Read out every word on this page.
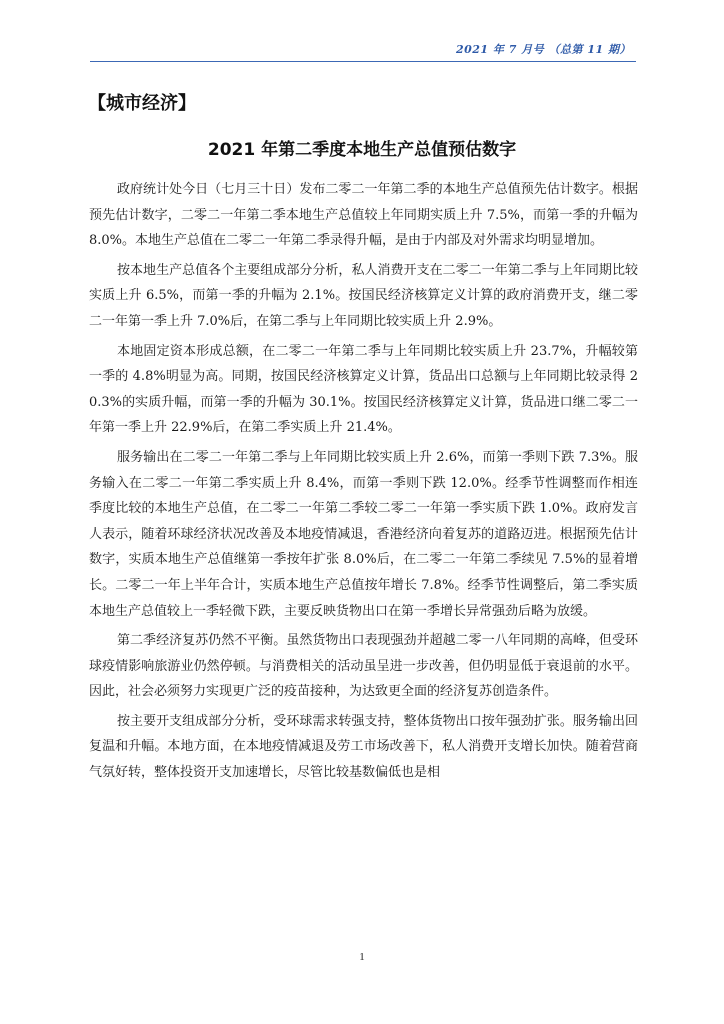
2021 年 7 月号 （总第 11 期）
【城市经济】
2021 年第二季度本地生产总值预估数字

政府统计处今日（七月三十日）发布二零二一年第二季的本地生产总值预先估计数字。根据预先估计数字，二零二一年第二季本地生产总值较上年同期实质上升 7.5%，而第一季的升幅为 8.0%。本地生产总值在二零二一年第二季录得升幅，是由于内部及对外需求均明显增加。

按本地生产总值各个主要组成部分分析，私人消费开支在二零二一年第二季与上年同期比较实质上升 6.5%，而第一季的升幅为 2.1%。按国民经济核算定义计算的政府消费开支，继二零二一年第一季上升 7.0%后，在第二季与上年同期比较实质上升 2.9%。

本地固定资本形成总额，在二零二一年第二季与上年同期比较实质上升 23.7%，升幅较第一季的 4.8%明显为高。同期，按国民经济核算定义计算，货品出口总额与上年同期比较录得 20.3%的实质升幅，而第一季的升幅为 30.1%。按国民经济核算定义计算，货品进口继二零二一年第一季上升 22.9%后，在第二季实质上升 21.4%。

服务输出在二零二一年第二季与上年同期比较实质上升 2.6%，而第一季则下跌 7.3%。服务输入在二零二一年第二季实质上升 8.4%，而第一季则下跌 12.0%。经季节性调整而作相连季度比较的本地生产总值，在二零二一年第二季较二零二一年第一季实质下跌 1.0%。政府发言人表示，随着环球经济状况改善及本地疫情减退，香港经济向着复苏的道路迈进。根据预先估计数字，实质本地生产总值继第一季按年扩张 8.0%后，在二零二一年第二季续见 7.5%的显着增长。二零二一年上半年合计，实质本地生产总值按年增长 7.8%。经季节性调整后，第二季实质本地生产总值较上一季轻微下跌，主要反映货物出口在第一季增长异常强劲后略为放缓。

第二季经济复苏仍然不平衡。虽然货物出口表现强劲并超越二零一八年同期的高峰，但受环球疫情影响旅游业仍然停顿。与消费相关的活动虽呈进一步改善，但仍明显低于衰退前的水平。因此，社会必须努力实现更广泛的疫苗接种，为达致更全面的经济复苏创造条件。

按主要开支组成部分分析，受环球需求转强支持，整体货物出口按年强劲扩张。服务输出回复温和升幅。本地方面，在本地疫情减退及劳工市场改善下，私人消费开支增长加快。随着营商气氛好转，整体投资开支加速增长，尽管比较基数偏低也是相

1
